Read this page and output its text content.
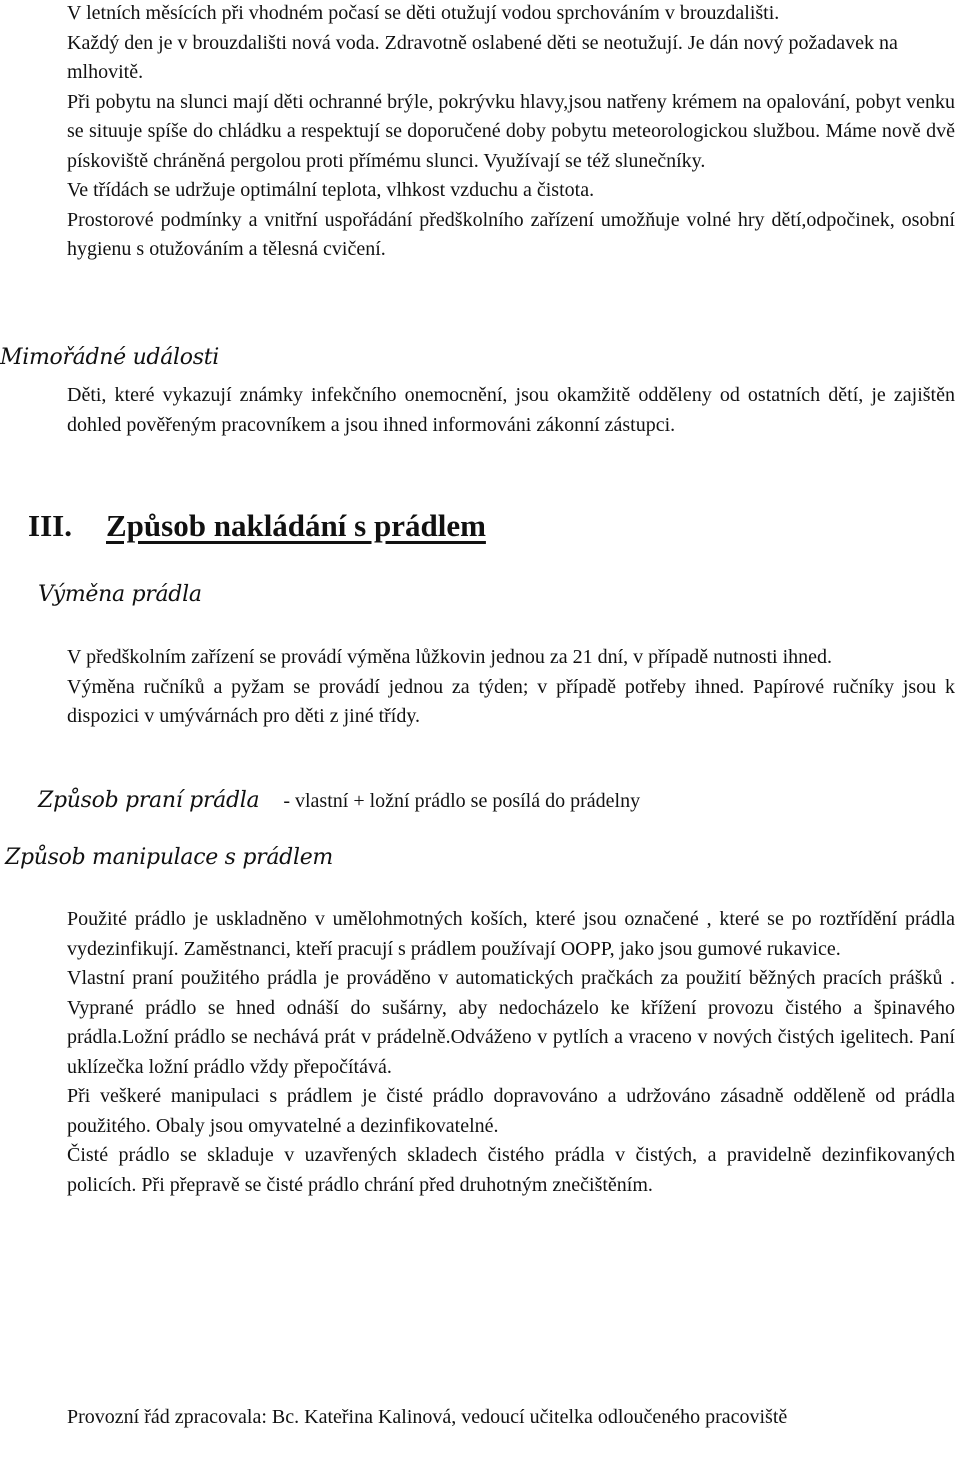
V letních měsících při vhodném počasí se děti otužují vodou sprchováním v brouzdališti.

Každý den je v brouzdališti nová voda. Zdravotně oslabené děti se neotužují. Je dán nový požadavek na mlhovitě.

Při pobytu na slunci mají děti ochranné brýle, pokrývku hlavy,jsou natřeny krémem na opalování, pobyt venku se situuje spíše do chládku a respektují se doporučené doby pobytu meteorologickou službou. Máme nově dvě pískoviště chráněná pergolou proti přímému slunci. Využívají se též slunečníky.

Ve třídách se udržuje optimální teplota, vlhkost vzduchu a čistota.

Prostorové podmínky a vnitřní uspořádání předškolního zařízení umožňuje volné hry dětí,odpočinek, osobní hygienu s otužováním a tělesná cvičení.

Mimořádné události

Děti, které vykazují známky infekčního onemocnění, jsou okamžitě odděleny od ostatních dětí, je zajištěn dohled pověřeným pracovníkem a jsou ihned informováni zákonní zástupci.

III. Způsob nakládání s prádlem

Výměna prádla

V předškolním zařízení se provádí výměna lůžkovin jednou za 21 dní, v případě nutnosti ihned.

Výměna ručníků a pyžam se provádí jednou za týden; v případě potřeby ihned. Papírové ručníky jsou k dispozici v umývárnách pro děti z jiné třídy.

Způsob praní prádla - vlastní + ložní prádlo se posílá do prádelny

Způsob manipulace s prádlem

Použité prádlo je uskladněno v umělohmotných koších, které jsou označené , které se po roztřídění prádla vydezinfikují. Zaměstnanci, kteří pracují s prádlem používají OOPP, jako jsou gumové rukavice.

Vlastní praní použitého prádla je prováděno v automatických pračkách za použití běžných pracích prášků . Vyprané prádlo se hned odnáší do sušárny, aby nedocházelo ke křížení provozu čistého a špinavého prádla.Ložní prádlo se nechává prát v prádelně.Odváženo v pytlích a vraceno v nových čistých igelitech. Paní uklízečka ložní prádlo vždy přepočítává.

Při veškeré manipulaci s prádlem je čisté prádlo dopravováno a udržováno zásadně odděleně od prádla použitého. Obaly jsou omyvatelné a dezinfikovatelné.

Čisté prádlo se skladuje v uzavřených skladech čistého prádla v čistých, a pravidelně dezinfikovaných policích. Při přepravě se čisté prádlo chrání před druhotným znečištěním.

Provozní řád zpracovala: Bc. Kateřina Kalinová, vedoucí učitelka odloučeného pracoviště
